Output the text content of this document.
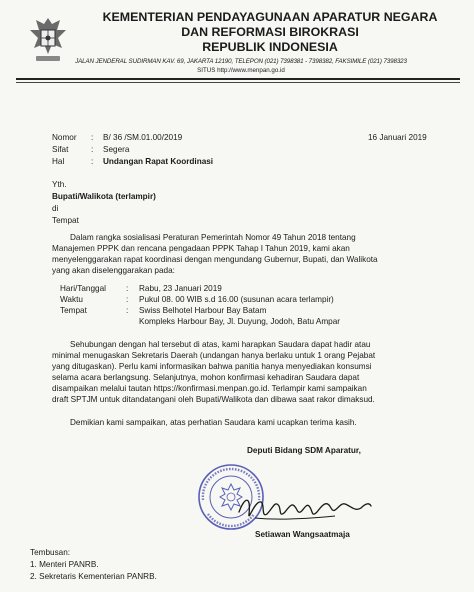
KEMENTERIAN PENDAYAGUNAAN APARATUR NEGARA
DAN REFORMASI BIROKRASI
REPUBLIK INDONESIA
JALAN JENDERAL SUDIRMAN KAV. 69, JAKARTA 12190, TELEPON (021) 7398381 - 7398382, FAKSIMILE (021) 7398323
SITUS http://www.menpan.go.id
Nomor : B/ 36 /SM.01.00/2019	16 Januari 2019
Sifat	: Segera
Hal	: Undangan Rapat Koordinasi
Yth.
Bupati/Walikota (terlampir)
di
Tempat
Dalam rangka sosialisasi Peraturan Pemerintah Nomor 49 Tahun 2018 tentang
Manajemen PPPK dan rencana pengadaan PPPK Tahap I Tahun 2019, kami akan
menyelenggarakan rapat koordinasi dengan mengundang Gubernur, Bupati, dan Walikota
yang akan diselenggarakan pada:
Hari/Tanggal : Rabu, 23 Januari 2019
Waktu	: Pukul 08. 00 WIB s.d 16.00 (susunan acara terlampir)
Tempat	: Swiss Belhotel Harbour Bay Batam
Kompleks Harbour Bay, Jl. Duyung, Jodoh, Batu Ampar
Sehubungan dengan hal tersebut di atas, kami harapkan Saudara dapat hadir atau
minimal menugaskan Sekretaris Daerah (undangan hanya berlaku untuk 1 orang Pejabat
yang ditugaskan). Perlu kami informasikan bahwa panitia hanya menyediakan konsumsi
selama acara berlangsung. Selanjutnya, mohon konfirmasi kehadiran Saudara dapat
disampaikan melalui tautan https://konfirmasi.menpan.go.id. Terlampir kami sampaikan
draft SPTJM untuk ditandatangani oleh Bupati/Walikota dan dibawa saat rakor dimaksud.
Demikian kami sampaikan, atas perhatian Saudara kami ucapkan terima kasih.
Deputi Bidang SDM Aparatur,
Setiawan Wangsaatmaja
Tembusan:
1. Menteri PANRB.
2. Sekretaris Kementerian PANRB.
